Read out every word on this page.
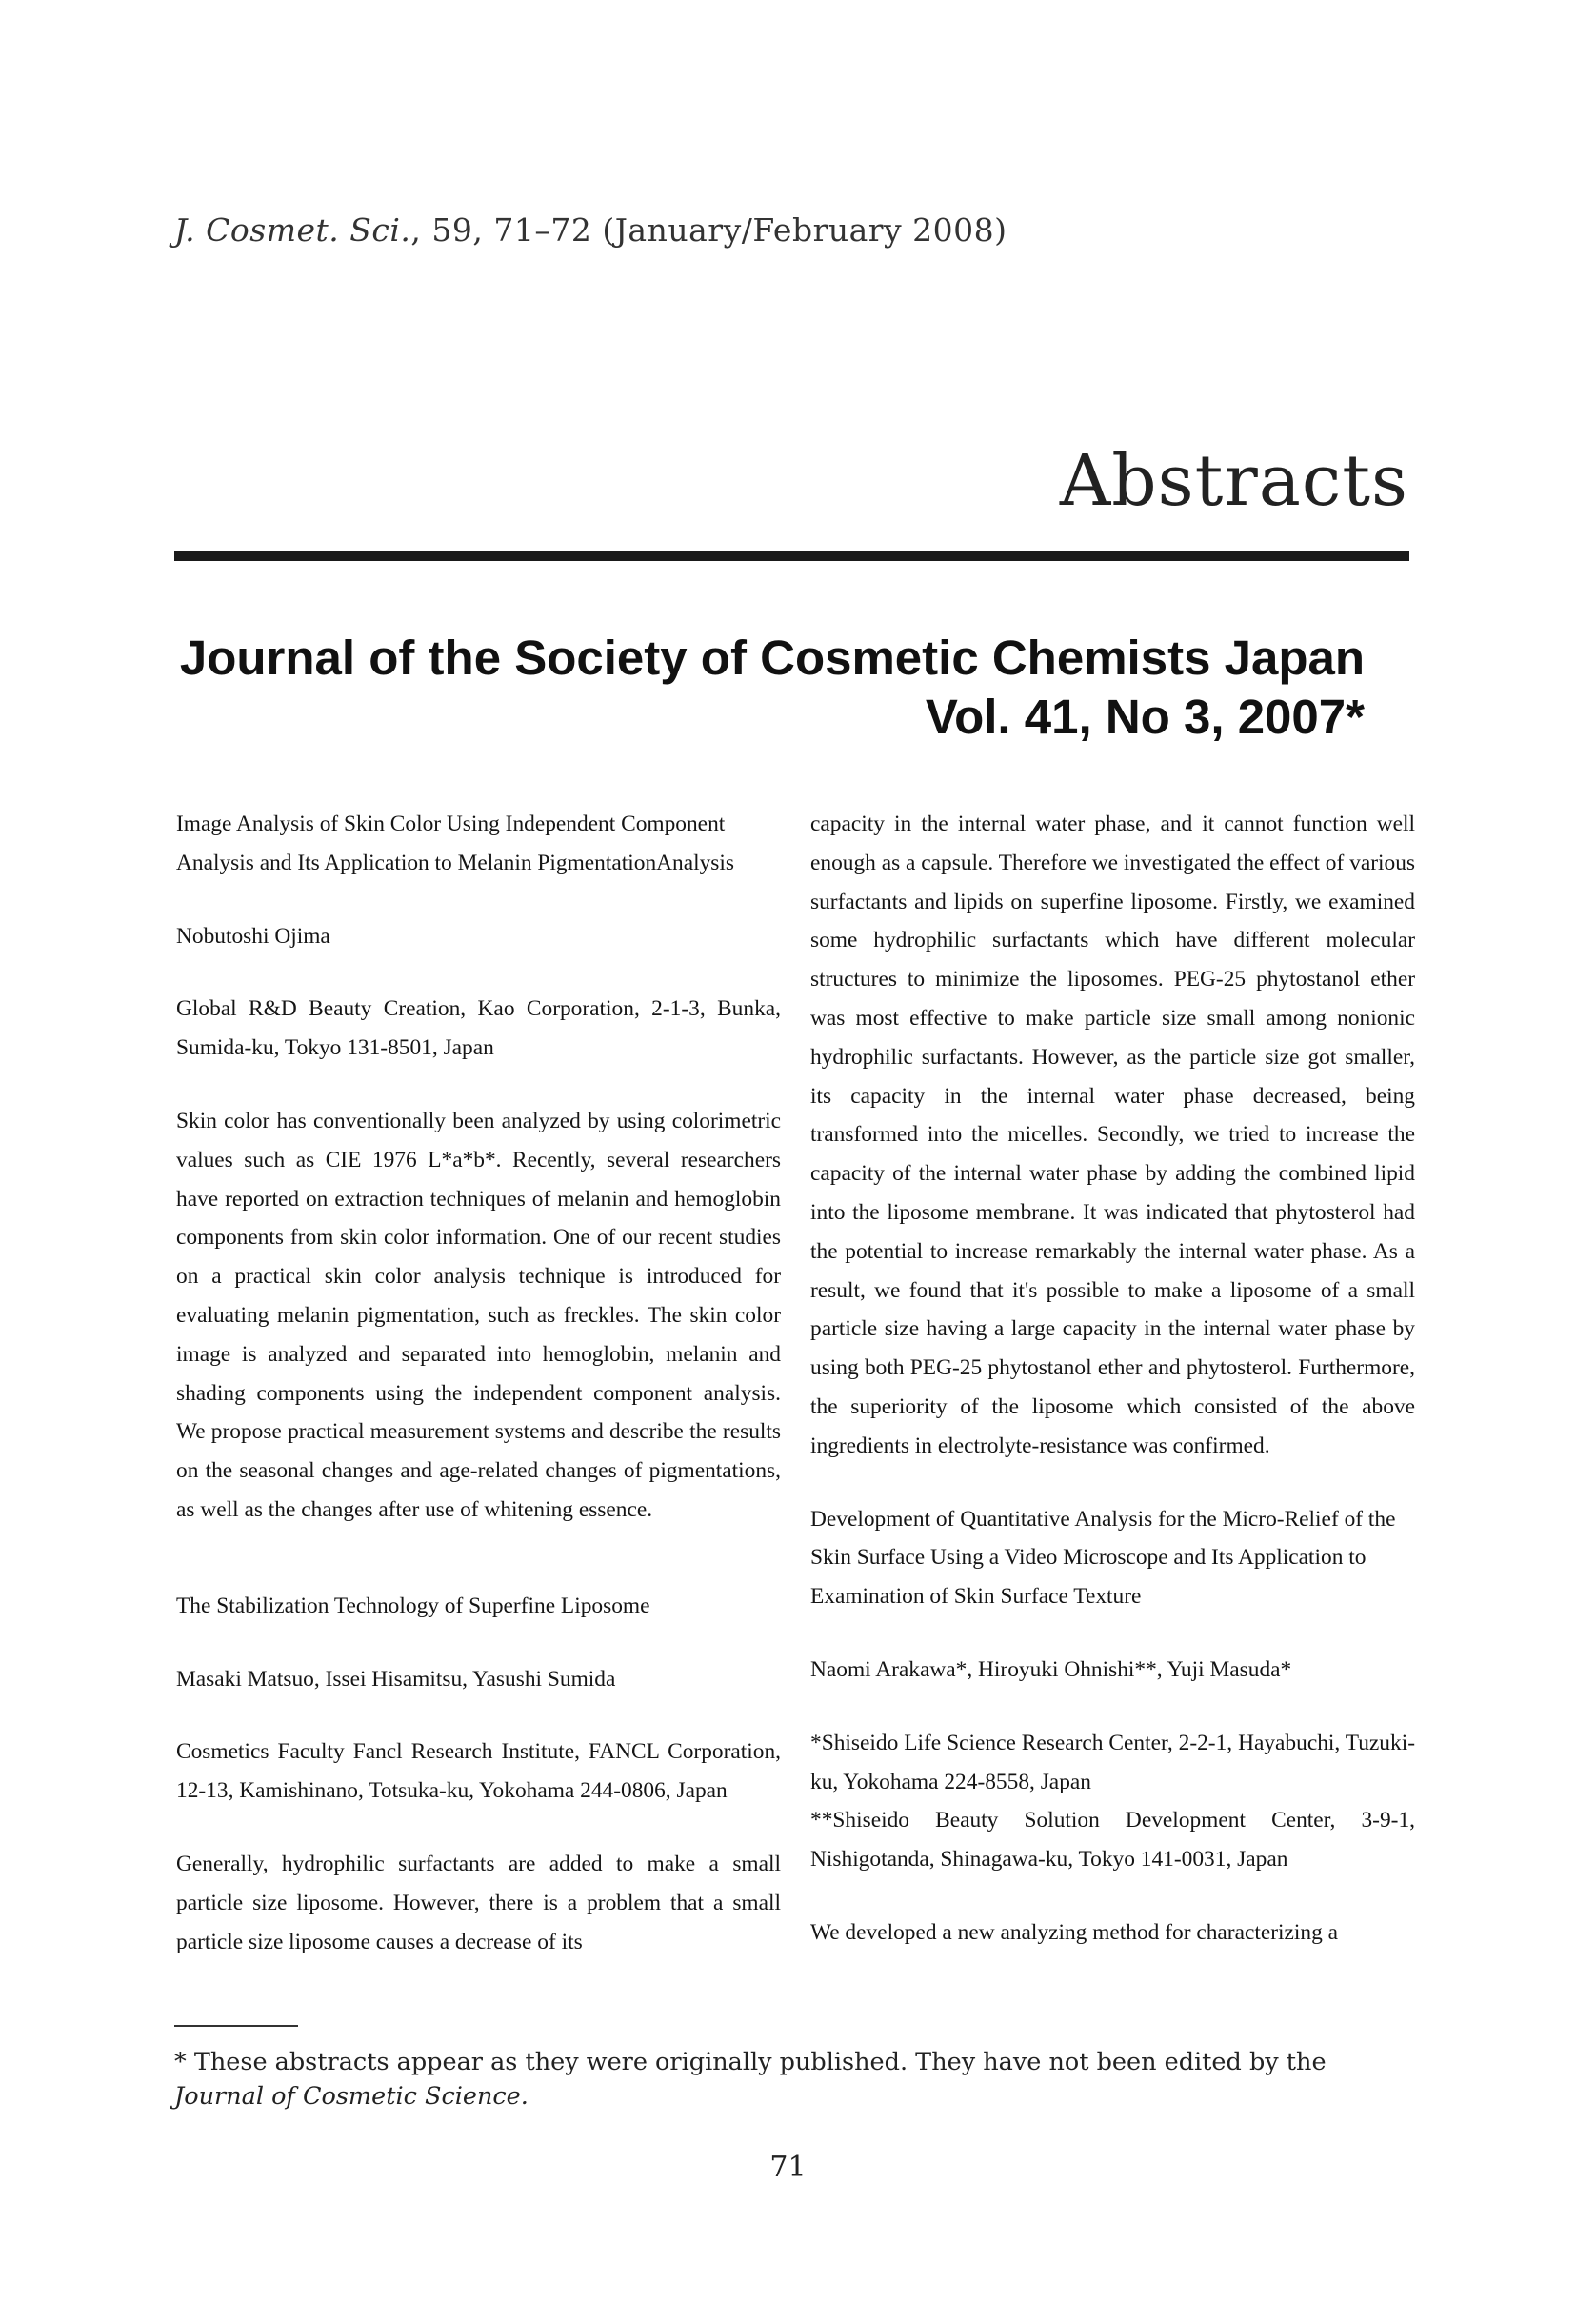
J. Cosmet. Sci., 59, 71–72 (January/February 2008)
Abstracts
Journal of the Society of Cosmetic Chemists Japan
Vol. 41, No 3, 2007*

Image Analysis of Skin Color Using Independent Component Analysis and Its Application to Melanin PigmentationAnalysis

Nobutoshi Ojima

Global R&D Beauty Creation, Kao Corporation, 2-1-3, Bunka, Sumida-ku, Tokyo 131-8501, Japan

Skin color has conventionally been analyzed by using colorimetric values such as CIE 1976 L*a*b*. Recently, several researchers have reported on extraction techniques of melanin and hemoglobin components from skin color information. One of our recent studies on a practical skin color analysis technique is introduced for evaluating melanin pigmentation, such as freckles. The skin color image is analyzed and separated into hemoglobin, melanin and shading components using the independent component analysis. We propose practical measurement systems and describe the results on the seasonal changes and age-related changes of pigmentations, as well as the changes after use of whitening essence.

The Stabilization Technology of Superfine Liposome

Masaki Matsuo, Issei Hisamitsu, Yasushi Sumida

Cosmetics Faculty Fancl Research Institute, FANCL Corporation, 12-13, Kamishinano, Totsuka-ku, Yokohama 244-0806, Japan

Generally, hydrophilic surfactants are added to make a small particle size liposome. However, there is a problem that a small particle size liposome causes a decrease of its

capacity in the internal water phase, and it cannot function well enough as a capsule. Therefore we investigated the effect of various surfactants and lipids on superfine liposome. Firstly, we examined some hydrophilic surfactants which have different molecular structures to minimize the liposomes. PEG-25 phytostanol ether was most effective to make particle size small among nonionic hydrophilic surfactants. However, as the particle size got smaller, its capacity in the internal water phase decreased, being transformed into the micelles. Secondly, we tried to increase the capacity of the internal water phase by adding the combined lipid into the liposome membrane. It was indicated that phytosterol had the potential to increase remarkably the internal water phase. As a result, we found that it's possible to make a liposome of a small particle size having a large capacity in the internal water phase by using both PEG-25 phytostanol ether and phytosterol. Furthermore, the superiority of the liposome which consisted of the above ingredients in electrolyte-resistance was confirmed.

Development of Quantitative Analysis for the Micro-Relief of the Skin Surface Using a Video Microscope and Its Application to Examination of Skin Surface Texture

Naomi Arakawa*, Hiroyuki Ohnishi**, Yuji Masuda*

*Shiseido Life Science Research Center, 2-2-1, Hayabuchi, Tuzuki-ku, Yokohama 224-8558, Japan

**Shiseido Beauty Solution Development Center, 3-9-1, Nishigotanda, Shinagawa-ku, Tokyo 141-0031, Japan

We developed a new analyzing method for characterizing a

* These abstracts appear as they were originally published. They have not been edited by the Journal of Cosmetic Science.
71
